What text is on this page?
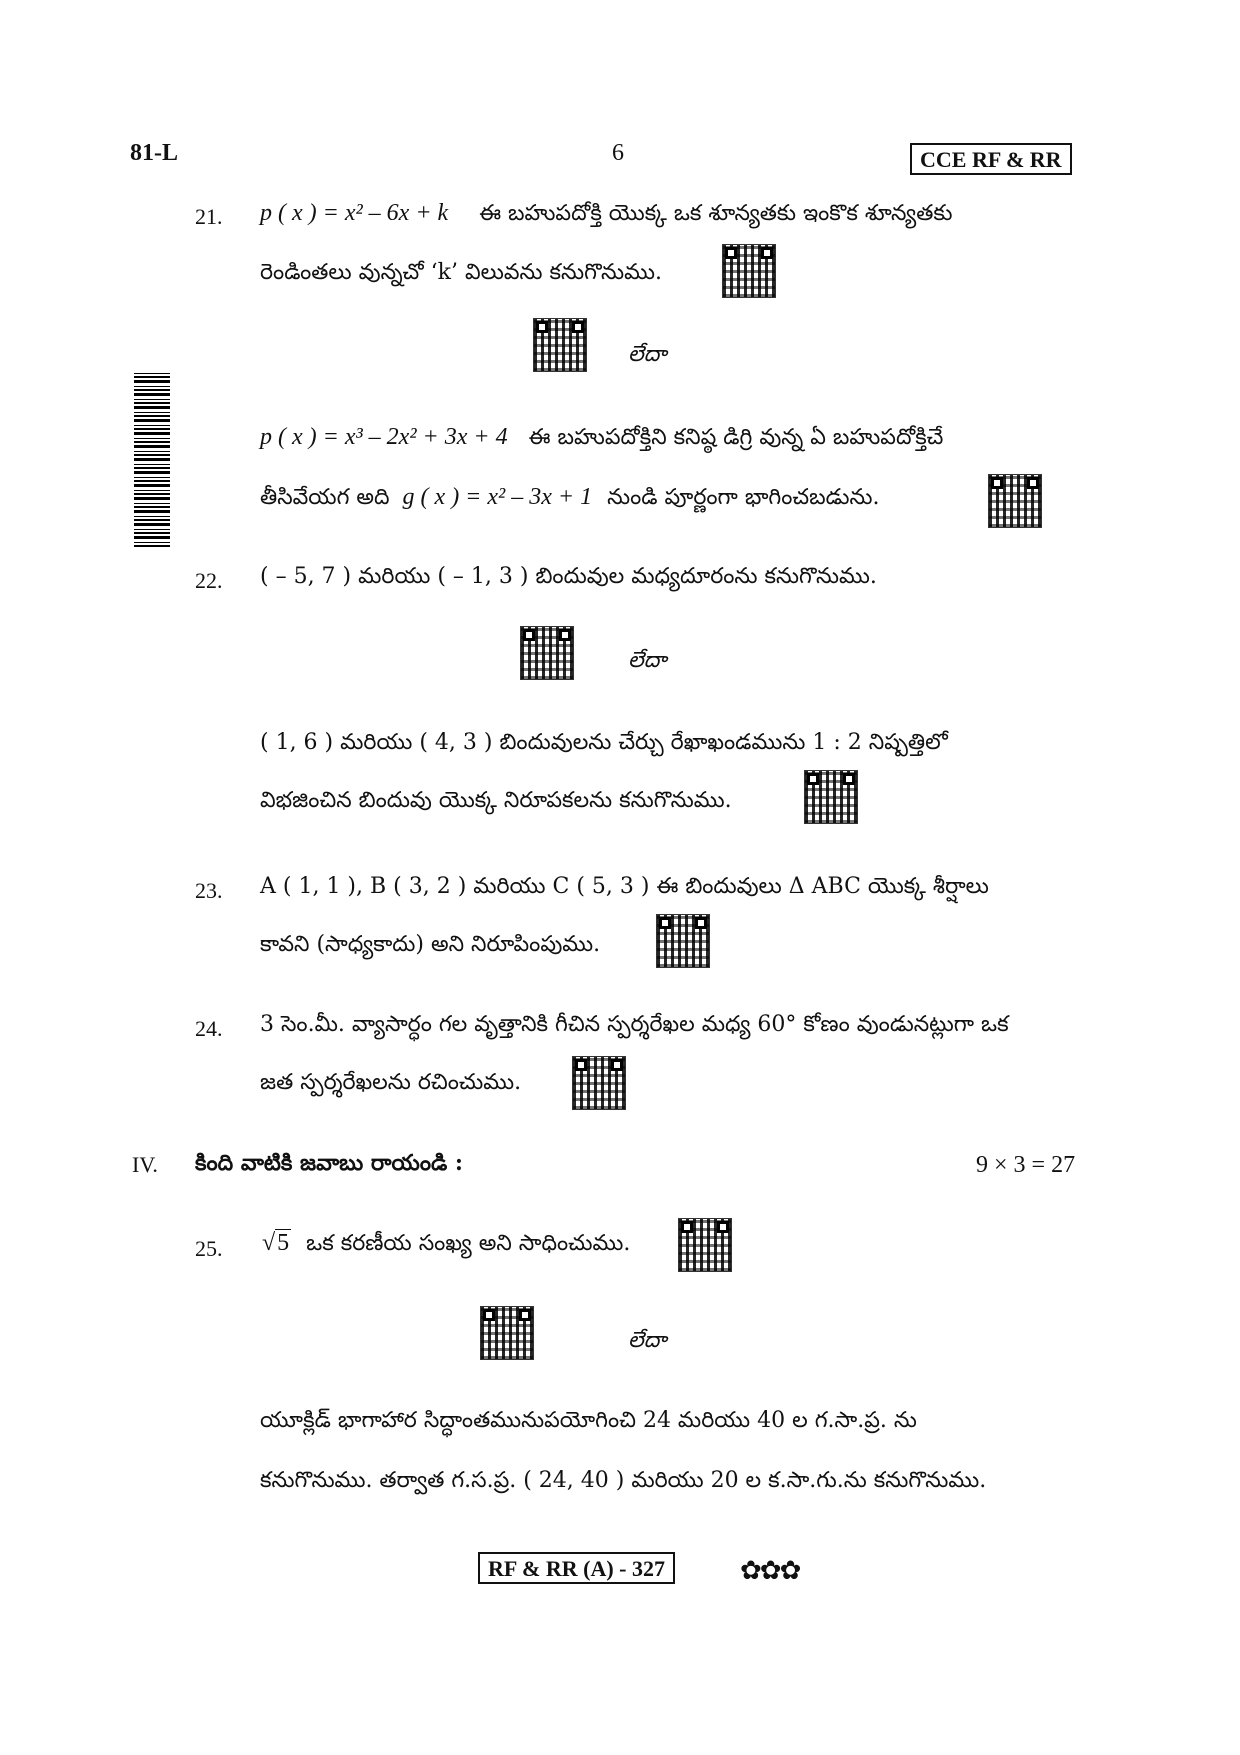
81-L	6	CCE RF & RR
21. p ( x ) = x² – 6x + k ఈ బహుపదోక్తి యొక్క ఒక శూన్యతకు ఇంకొక శూన్యతకు
రెండింతలు వున్నచో ‘k’ విలువను కనుగొనుము.
లేదా
p ( x ) = x³ – 2x² + 3x + 4 ఈ బహుపదోక్తిని కనిష్ఠ డిగ్రి వున్న ఏ బహుపదోక్తిచే
తీసివేయగ అది g ( x ) = x² – 3x + 1 నుండి పూర్ణంగా భాగించబడును.
22. ( – 5, 7 ) మరియు ( – 1, 3 ) బిందువుల మధ్యదూరంను కనుగొనుము.
లేదా
( 1, 6 ) మరియు ( 4, 3 ) బిందువులను చేర్చు రేఖాఖండమును 1 : 2 నిష్పత్తిలో
విభజించిన బిందువు యొక్క నిరూపకలను కనుగొనుము.
23. A ( 1, 1 ), B ( 3, 2 ) మరియు C ( 5, 3 ) ఈ బిందువులు Δ ABC యొక్క శీర్షాలు
కావని (సాధ్యకాదు) అని నిరూపింపుము.
24. 3 సెం.మీ. వ్యాసార్ధం గల వృత్తానికి గీచిన స్పర్శరేఖల మధ్య 60° కోణం వుండునట్లుగా ఒక
జత స్పర్శరేఖలను రచించుము.
IV. కింది వాటికి జవాబు రాయండి :	9 × 3 = 27
25. √5 ఒక కరణీయ సంఖ్య అని సాధించుము.
లేదా
యూక్లిడ్ భాగాహార సిద్ధాంతమునుపయోగించి 24 మరియు 40 ల గ.సా.ప్ర. ను
కనుగొనుము. తర్వాత గ.స.ప్ర. ( 24, 40 ) మరియు 20 ల క.సా.గు.ను కనుగొనుము.
RF & RR (A) - 327	✿✿✿
